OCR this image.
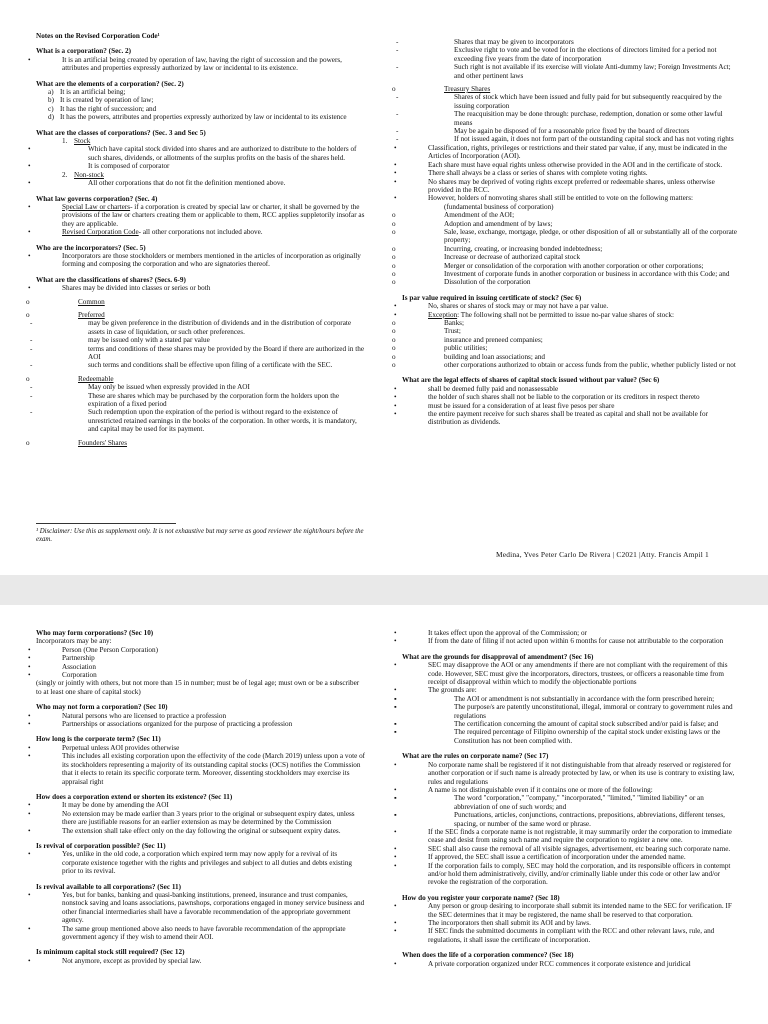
Notes on the Revised Corporation Code¹

What is a corporation? (Sec. 2)

• It is an artificial being created by operation of law, having the right of succession and the powers, attributes and properties expressly authorized by law or incidental to its existence.

What are the elements of a corporation? (Sec. 2)

a) It is an artificial being;

b) It is created by operation of law;

c) It has the right of succession; and

d) It has the powers, attributes and properties expressly authorized by law or incidental to its existence

What are the classes of corporations? (Sec. 3 and Sec 5)

1. Stock

• Which have capital stock divided into shares and are authorized to distribute to the holders of such shares, dividends, or allotments of the surplus profits on the basis of the shares held.

• It is composed of corporator

2. Non-stock

• All other corporations that do not fit the definition mentioned above.

What law governs corporation? (Sec. 4)

• Special Law or charters- if a corporation is created by special law or charter, it shall be governed by the provisions of the law or charters creating them or applicable to them, RCC applies suppletorily insofar as they are applicable.

• Revised Corporation Code- all other corporations not included above.

Who are the incorporators? (Sec. 5)

• Incorporators are those stockholders or members mentioned in the articles of incorporation as originally forming and composing the corporation and who are signatories thereof.

What are the classifications of shares? (Secs. 6-9)

• Shares may be divided into classes or series or both

o Common

o Preferred

- may be given preference in the distribution of dividends and in the distribution of corporate assets in case of liquidation, or such other preferences.

- may be issued only with a stated par value

- terms and conditions of these shares may be provided by the Board if there are authorized in the AOI

- such terms and conditions shall be effective upon filing of a certificate with the SEC.

o Redeemable

- May only be issued when expressly provided in the AOI

- These are shares which may be purchased by the corporation form the holders upon the expiration of a fixed period

- Such redemption upon the expiration of the period is without regard to the existence of unrestricted retained earnings in the books of the corporation. In other words, it is mandatory, and capital may be used for its payment.

o Founders' Shares

- Shares that may be given to incorporators

- Exclusive right to vote and be voted for in the elections of directors limited for a period not exceeding five years from the date of incorporation

- Such right is not available if its exercise will violate Anti-dummy law; Foreign Investments Act; and other pertinent laws

o Treasury Shares

- Shares of stock which have been issued and fully paid for but subsequently reacquired by the issuing corporation

- The reacquisition may be done through: purchase, redemption, donation or some other lawful means

- May be again be disposed of for a reasonable price fixed by the board of directors

- If not issued again, it does not form part of the outstanding capital stock and has not voting rights

• Classification, rights, privileges or restrictions and their stated par value, if any, must be indicated in the Articles of Incorporation (AOI).

• Each share must have equal rights unless otherwise provided in the AOI and in the certificate of stock.

• There shall always be a class or series of shares with complete voting rights.

• No shares may be deprived of voting rights except preferred or redeemable shares, unless otherwise provided in the RCC.

• However, holders of nonvoting shares shall still be entitled to vote on the following matters:

(fundamental business of corporation)

o Amendment of the AOI;

o Adoption and amendment of by laws;

o Sale, lease, exchange, mortgage, pledge, or other disposition of all or substantially all of the corporate property;

o Incurring, creating, or increasing bonded indebtedness;

o Increase or decrease of authorized capital stock

o Merger or consolidation of the corporation with another corporation or other corporations;

o Investment of corporate funds in another corporation or business in accordance with this Code; and

o Dissolution of the corporation

Is par value required in issuing certificate of stock? (Sec 6)

• No, shares or shares of stock may or may not have a par value.

• Exception: The following shall not be permitted to issue no-par value shares of stock:

o Banks;

o Trust;

o insurance and preneed companies;

o public utilities;

o building and loan associations; and

o other corporations authorized to obtain or access funds from the public, whether publicly listed or not

What are the legal effects of shares of capital stock issued without par value? (Sec 6)

• shall be deemed fully paid and nonassessable

• the holder of such shares shall not be liable to the corporation or its creditors in respect thereto

• must be issued for a consideration of at least five pesos per share

• the entire payment receive for such shares shall be treated as capital and shall not be available for distribution as dividends.

¹ Disclaimer: Use this as supplement only. It is not exhaustive but may serve as good reviewer the night/hours before the exam.
Medina, Yves Peter Carlo De Rivera | C2021 |Atty. Francis Ampil 1

Who may form corporations? (Sec 10)

Incorporators may be any:

• Person (One Person Corporation)

• Partnership

• Association

• Corporation

(singly or jointly with others, but not more than 15 in number; must be of legal age; must own or be a subscriber to at least one share of capital stock)

Who may not form a corporation? (Sec 10)

• Natural persons who are licensed to practice a profession

• Partnerships or associations organized for the purpose of practicing a profession

How long is the corporate term? (Sec 11)

• Perpetual unless AOI provides otherwise

• This includes all existing corporation upon the effectivity of the code (March 2019) unless upon a vote of its stockholders representing a majority of its outstanding capital stocks (OCS) notifies the Commission that it elects to retain its specific corporate term. Moreover, dissenting stockholders may exercise its appraisal right

How does a corporation extend or shorten its existence? (Sec 11)

• It may be done by amending the AOI

• No extension may be made earlier than 3 years prior to the original or subsequent expiry dates, unless there are justifiable reasons for an earlier extension as may be determined by the Commission

• The extension shall take effect only on the day following the original or subsequent expiry dates.

Is revival of corporation possible? (Sec 11)

• Yes, unlike in the old code, a corporation which expired term may now apply for a revival of its corporate existence together with the rights and privileges and subject to all duties and debts existing prior to its revival.

Is revival available to all corporations? (Sec 11)

• Yes, but for banks, banking and quasi-banking institutions, preneed, insurance and trust companies, nonstock saving and loans associations, pawnshops, corporations engaged in money service business and other financial intermediaries shall have a favorable recommendation of the appropriate government agency.

• The same group mentioned above also needs to have favorable recommendation of the appropriate government agency if they wish to amend their AOI.

Is minimum capital stock still required? (Sec 12)

• Not anymore, except as provided by special law.

• It takes effect upon the approval of the Commission; or

• If from the date of filing if not acted upon within 6 months for cause not attributable to the corporation

What are the grounds for disapproval of amendment? (Sec 16)

• SEC may disapprove the AOI or any amendments if there are not compliant with the requirement of this code. However, SEC must give the incorporators, directors, trustees, or officers a reasonable time from receipt of disapproval within which to modify the objectionable portions

• The grounds are:

▪ The AOI or amendment is not substantially in accordance with the form prescribed herein;

▪ The purpose/s are patently unconstitutional, illegal, immoral or contrary to government rules and regulations

▪ The certification concerning the amount of capital stock subscribed and/or paid is false; and

▪ The required percentage of Filipino ownership of the capital stock under existing laws or the Constitution has not been complied with.

What are the rules on corporate name? (Sec 17)

• No corporate name shall be registered if it not distinguishable from that already reserved or registered for another corporation or if such name is already protected by law, or when its use is contrary to existing law, rules and regulations

• A name is not distinguishable even if it contains one or more of the following:

▪ The word "corporation," "company," "incorporated," "limited," "limited liability" or an abbreviation of one of such words; and

▪ Punctuations, articles, conjunctions, contractions, prepositions, abbreviations, different tenses, spacing, or number of the same word or phrase.

• If the SEC finds a corporate name is not registrable, it may summarily order the corporation to immediate cease and desist from using such name and require the corporation to register a new one.

• SEC shall also cause the removal of all visible signages, advertisement, etc bearing such corporate name.

• If approved, the SEC shall issue a certification of incorporation under the amended name.

• If the corporation fails to comply, SEC may hold the corporation, and its responsible officers in contempt and/or hold them administratively, civilly, and/or criminally liable under this code or other law and/or revoke the registration of the corporation.

How do you register your corporate name? (Sec 18)

• Any person or group desiring to incorporate shall submit its intended name to the SEC for verification. IF the SEC determines that it may be registered, the name shall be reserved to that corporation.

• The incorporators then shall submit its AOI and by laws.

• If SEC finds the submitted documents in compliant with the RCC and other relevant laws, rule, and regulations, it shall issue the certificate of incorporation.

When does the life of a corporation commence? (Sec 18)

• A private corporation organized under RCC commences it corporate existence and juridical
